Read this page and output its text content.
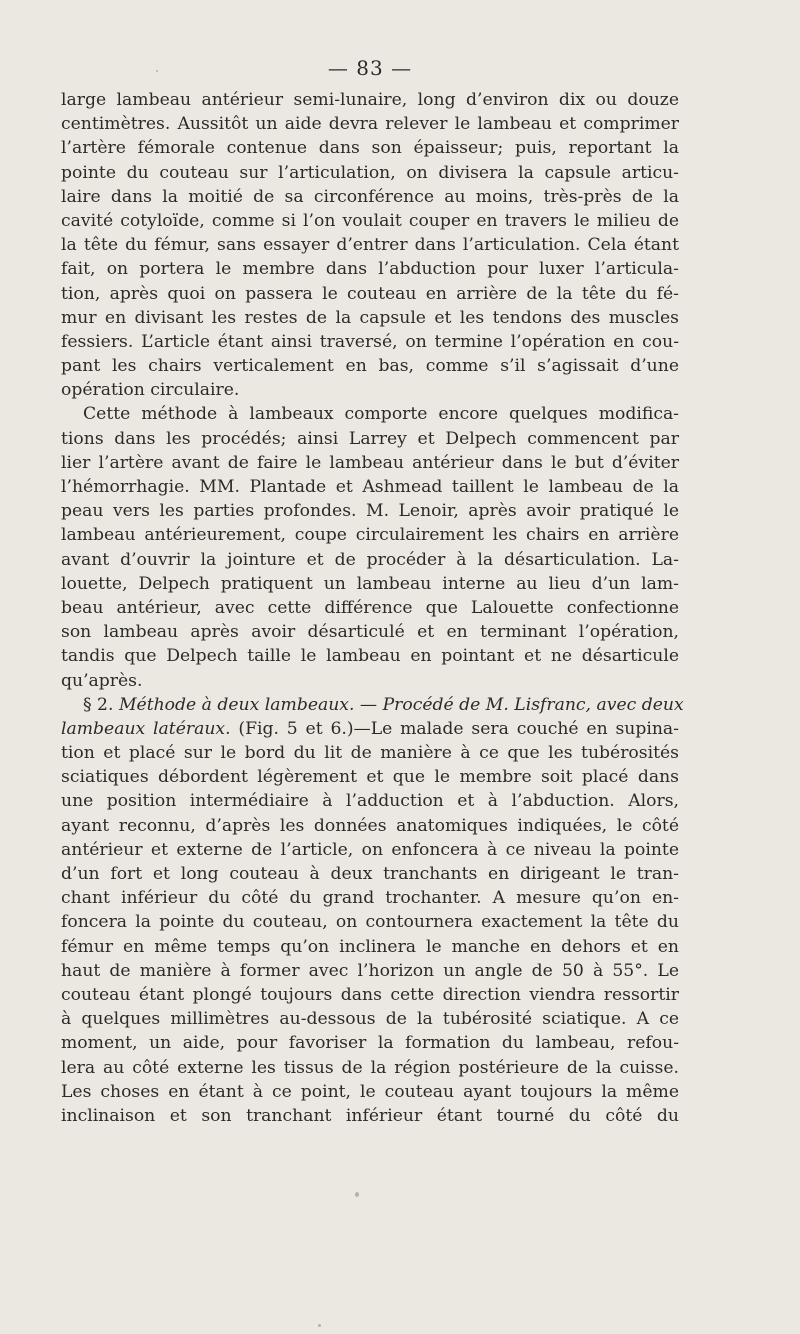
— 83 —
large lambeau antérieur semi-lunaire, long d’environ dix ou douze
centimètres. Aussitôt un aide devra relever le lambeau et comprimer
l’artère fémorale contenue dans son épaisseur; puis, reportant la
pointe du couteau sur l’articulation, on divisera la capsule articu-
laire dans la moitié de sa circonférence au moins, très-près de la
cavité cotyloïde, comme si l’on voulait couper en travers le milieu de
la tête du fémur, sans essayer d’entrer dans l’articulation. Cela étant
fait, on portera le membre dans l’abduction pour luxer l’articula-
tion, après quoi on passera le couteau en arrière de la tête du fé-
mur en divisant les restes de la capsule et les tendons des muscles
fessiers. L’article étant ainsi traversé, on termine l’opération en cou-
pant les chairs verticalement en bas, comme s’il s’agissait d’une
opération circulaire.
Cette méthode à lambeaux comporte encore quelques modifica-
tions dans les procédés; ainsi Larrey et Delpech commencent par
lier l’artère avant de faire le lambeau antérieur dans le but d’éviter
l’hémorrhagie. MM. Plantade et Ashmead taillent le lambeau de la
peau vers les parties profondes. M. Lenoir, après avoir pratiqué le
lambeau antérieurement, coupe circulairement les chairs en arrière
avant d’ouvrir la jointure et de procéder à la désarticulation. La-
louette, Delpech pratiquent un lambeau interne au lieu d’un lam-
beau antérieur, avec cette différence que Lalouette confectionne
son lambeau après avoir désarticulé et en terminant l’opération,
tandis que Delpech taille le lambeau en pointant et ne désarticule
qu’après.
§ 2. Méthode à deux lambeaux. — Procédé de M. Lisfranc, avec deux
lambeaux latéraux. (Fig. 5 et 6.)—Le malade sera couché en supina-
tion et placé sur le bord du lit de manière à ce que les tubérosités
sciatiques débordent légèrement et que le membre soit placé dans
une position intermédiaire à l’adduction et à l’abduction. Alors,
ayant reconnu, d’après les données anatomiques indiquées, le côté
antérieur et externe de l’article, on enfoncera à ce niveau la pointe
d’un fort et long couteau à deux tranchants en dirigeant le tran-
chant inférieur du côté du grand trochanter. A mesure qu’on en-
foncera la pointe du couteau, on contournera exactement la tête du
fémur en même temps qu’on inclinera le manche en dehors et en
haut de manière à former avec l’horizon un angle de 50 à 55°. Le
couteau étant plongé toujours dans cette direction viendra ressortir
à quelques millimètres au-dessous de la tubérosité sciatique. A ce
moment, un aide, pour favoriser la formation du lambeau, refou-
lera au côté externe les tissus de la région postérieure de la cuisse.
Les choses en étant à ce point, le couteau ayant toujours la même
inclinaison et son tranchant inférieur étant tourné du côté du
